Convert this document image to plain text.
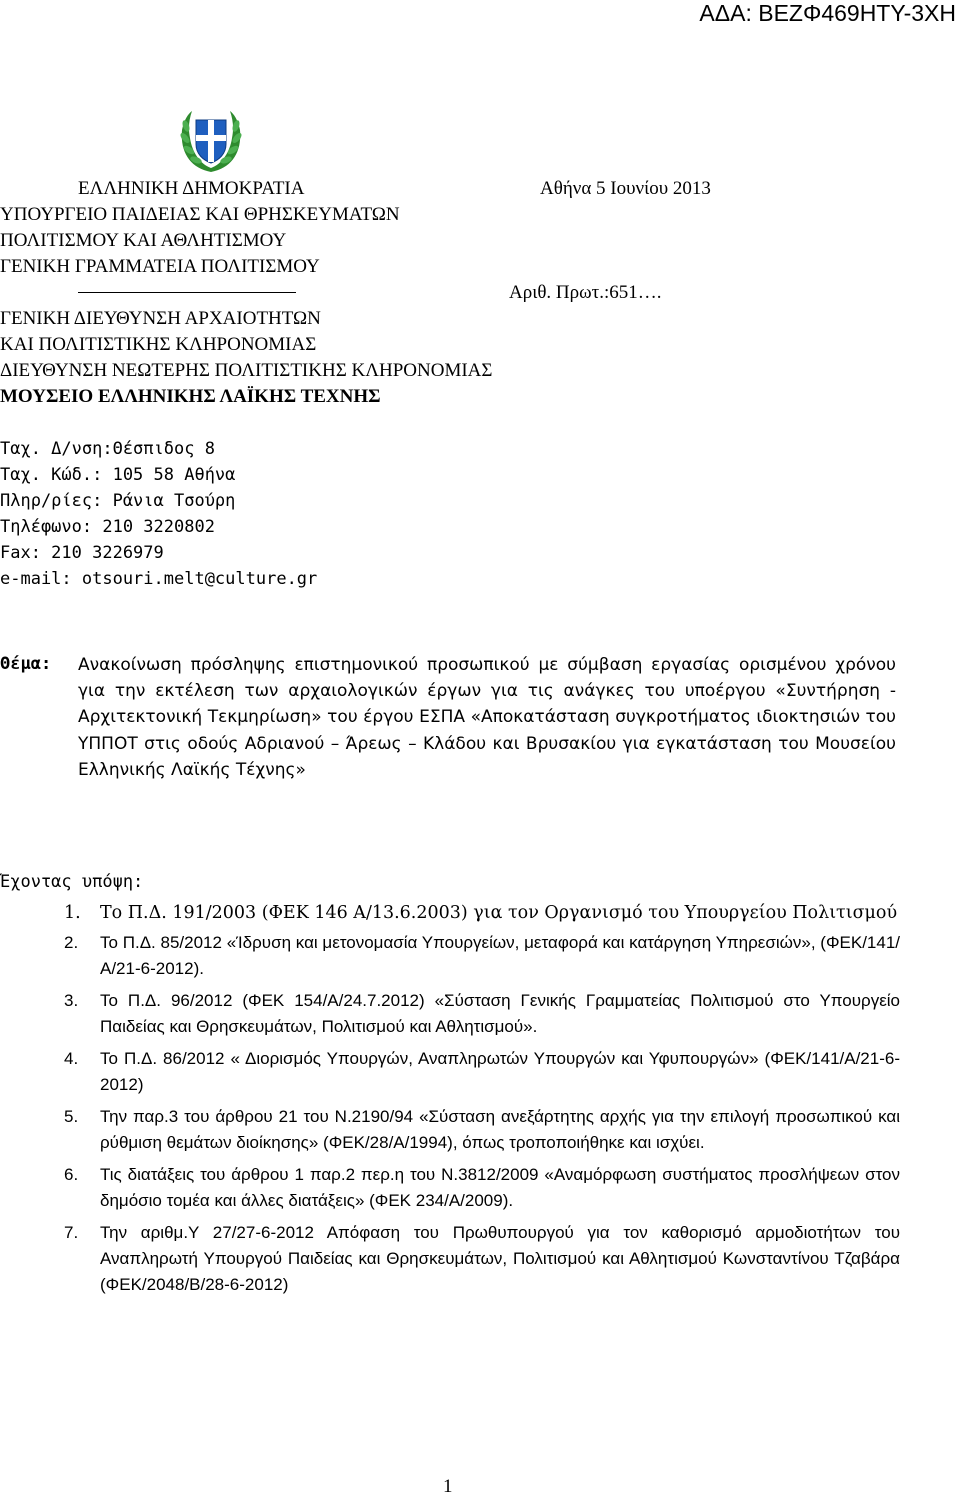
ΑΔΑ: ΒΕΖΦ469ΗΤΥ-3ΧΗ
ΕΛΛΗΝΙΚΗ ΔΗΜΟΚΡΑΤΙΑ	Αθήνα 5 Ιουνίου 2013
ΥΠΟΥΡΓΕΙΟ ΠΑΙΔΕΙΑΣ ΚΑΙ ΘΡΗΣΚΕΥΜΑΤΩΝ
ΠΟΛΙΤΙΣΜΟΥ ΚΑΙ ΑΘΛΗΤΙΣΜΟΥ
ΓΕΝΙΚΗ ΓΡΑΜΜΑΤΕΙΑ ΠΟΛΙΤΙΣΜΟΥ
Αριθ. Πρωτ.:651….
ΓΕΝΙΚΗ ΔΙΕΥΘΥΝΣΗ ΑΡΧΑΙΟΤΗΤΩΝ
ΚΑΙ ΠΟΛΙΤΙΣΤΙΚΗΣ ΚΛΗΡΟΝΟΜΙΑΣ
ΔΙΕΥΘΥΝΣΗ ΝΕΩΤΕΡΗΣ ΠΟΛΙΤΙΣΤΙΚΗΣ ΚΛΗΡΟΝΟΜΙΑΣ
ΜΟΥΣΕΙΟ ΕΛΛΗΝΙΚΗΣ ΛΑΪΚΗΣ ΤΕΧΝΗΣ
Ταχ. Δ/νση:Θέσπιδος 8
Ταχ. Κώδ.: 105 58 Αθήνα
Πληρ/ρίες: Ράνια Τσούρη
Τηλέφωνο: 210 3220802
Fax: 210 3226979
e-mail: otsouri.melt@culture.gr
Θέμα: Ανακοίνωση πρόσληψης επιστημονικού προσωπικού με σύμβαση εργασίας ορισμένου χρόνου για την εκτέλεση των αρχαιολογικών έργων για τις ανάγκες του υποέργου «Συντήρηση - Αρχιτεκτονική Τεκμηρίωση» του έργου ΕΣΠΑ «Αποκατάσταση συγκροτήματος ιδιοκτησιών του ΥΠΠΟΤ στις οδούς Αδριανού – Άρεως – Κλάδου και Βρυσακίου για εγκατάσταση του Μουσείου Ελληνικής Λαϊκής Τέχνης»
Έχοντας υπόψη:
1. Το Π.Δ. 191/2003 (ΦΕΚ 146 Α/13.6.2003) για τον Οργανισμό του Υπουργείου Πολιτισμού
2. Το Π.Δ. 85/2012 «Ίδρυση και μετονομασία Υπουργείων, μεταφορά και κατάργηση Υπηρεσιών», (ΦΕΚ/141/Α/21-6-2012).
3. Το Π.Δ. 96/2012 (ΦΕΚ 154/Α/24.7.2012) «Σύσταση Γενικής Γραμματείας Πολιτισμού στο Υπουργείο Παιδείας και Θρησκευμάτων, Πολιτισμού και Αθλητισμού».
4. Το Π.Δ. 86/2012 « Διορισμός Υπουργών, Αναπληρωτών Υπουργών και Υφυπουργών» (ΦΕΚ/141/Α/21-6-2012)
5. Την παρ.3 του άρθρου 21 του Ν.2190/94 «Σύσταση ανεξάρτητης αρχής για την επιλογή προσωπικού και ρύθμιση θεμάτων διοίκησης» (ΦΕΚ/28/Α/1994), όπως τροποποιήθηκε και ισχύει.
6. Τις διατάξεις του άρθρου 1 παρ.2 περ.η του Ν.3812/2009 «Αναμόρφωση συστήματος προσλήψεων στον δημόσιο τομέα και άλλες διατάξεις» (ΦΕΚ 234/Α/2009).
7. Την αριθμ.Υ 27/27-6-2012 Απόφαση του Πρωθυπουργού για τον καθορισμό αρμοδιοτήτων του Αναπληρωτή Υπουργού Παιδείας και Θρησκευμάτων, Πολιτισμού και Αθλητισμού Κωνσταντίνου Τζαβάρα (ΦΕΚ/2048/Β/28-6-2012)
1
